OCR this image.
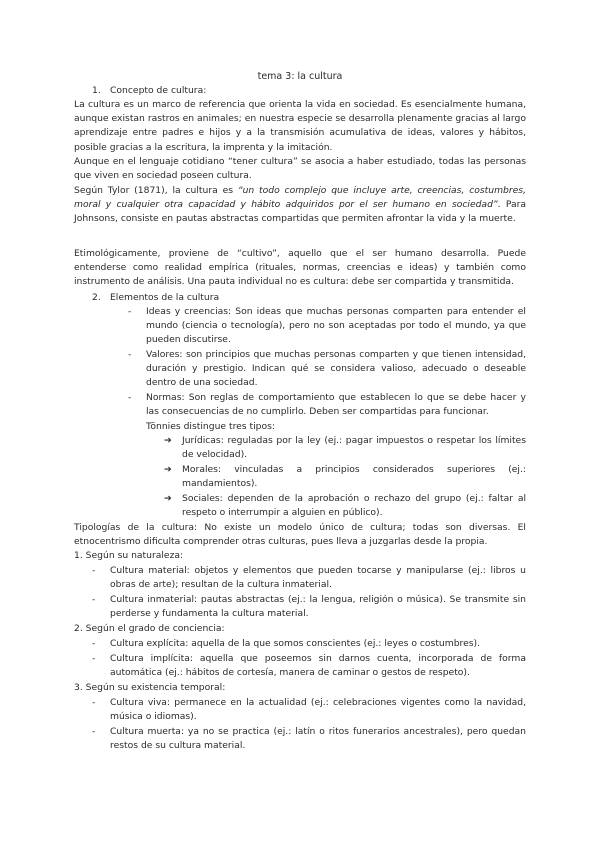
tema 3: la cultura
1. Concepto de cultura:
La cultura es un marco de referencia que orienta la vida en sociedad. Es esencialmente humana, aunque existan rastros en animales; en nuestra especie se desarrolla plenamente gracias al largo aprendizaje entre padres e hijos y a la transmisión acumulativa de ideas, valores y hábitos, posible gracias a la escritura, la imprenta y la imitación.
Aunque en el lenguaje cotidiano “tener cultura” se asocia a haber estudiado, todas las personas que viven en sociedad poseen cultura.
Según Tylor (1871), la cultura es “un todo complejo que incluye arte, creencias, costumbres, moral y cualquier otra capacidad y hábito adquiridos por el ser humano en sociedad”. Para Johnsons, consiste en pautas abstractas compartidas que permiten afrontar la vida y la muerte.
Etimológicamente, proviene de “cultivo”, aquello que el ser humano desarrolla. Puede entenderse como realidad empírica (rituales, normas, creencias e ideas) y también como instrumento de análisis. Una pauta individual no es cultura: debe ser compartida y transmitida.
2. Elementos de la cultura
- Ideas y creencias: Son ideas que muchas personas comparten para entender el mundo (ciencia o tecnología), pero no son aceptadas por todo el mundo, ya que pueden discutirse.
- Valores: son principios que muchas personas comparten y que tienen intensidad, duración y prestigio. Indican qué se considera valioso, adecuado o deseable dentro de una sociedad.
- Normas: Son reglas de comportamiento que establecen lo que se debe hacer y las consecuencias de no cumplirlo. Deben ser compartidas para funcionar.
Tönnies distingue tres tipos:
➔ Jurídicas: reguladas por la ley (ej.: pagar impuestos o respetar los límites de velocidad).
➔ Morales: vinculadas a principios considerados superiores (ej.: mandamientos).
➔ Sociales: dependen de la aprobación o rechazo del grupo (ej.: faltar al respeto o interrumpir a alguien en público).
Tipologías de la cultura: No existe un modelo único de cultura; todas son diversas. El etnocentrismo dificulta comprender otras culturas, pues lleva a juzgarlas desde la propia.
1. Según su naturaleza:
- Cultura material: objetos y elementos que pueden tocarse y manipularse (ej.: libros u obras de arte); resultan de la cultura inmaterial.
- Cultura inmaterial: pautas abstractas (ej.: la lengua, religión o música). Se transmite sin perderse y fundamenta la cultura material.
2. Según el grado de conciencia:
- Cultura explícita: aquella de la que somos conscientes (ej.: leyes o costumbres).
- Cultura implícita: aquella que poseemos sin darnos cuenta, incorporada de forma automática (ej.: hábitos de cortesía, manera de caminar o gestos de respeto).
3. Según su existencia temporal:
- Cultura viva: permanece en la actualidad (ej.: celebraciones vigentes como la navidad, música o idiomas).
- Cultura muerta: ya no se practica (ej.: latín o ritos funerarios ancestrales), pero quedan restos de su cultura material.
